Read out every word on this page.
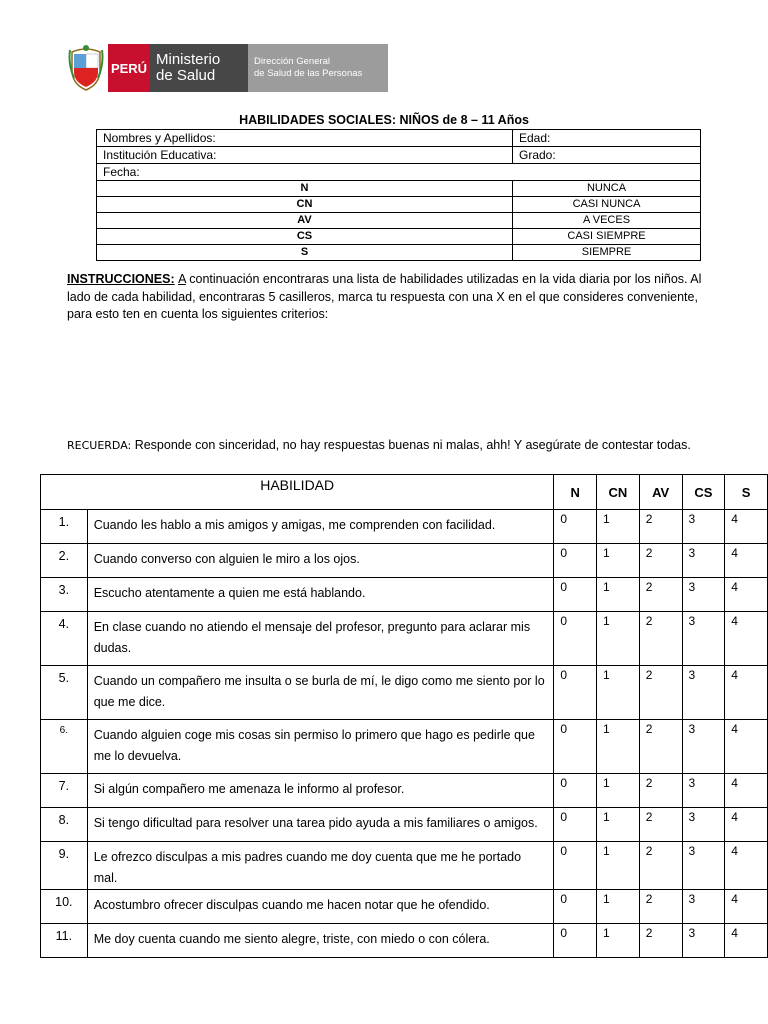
PERÚ Ministerio
de Salud
Dirección General
de Salud de las Personas
HABILIDADES SOCIALES: NIÑOS de 8 – 11 Años
Nombres y Apellidos:	Edad:
Institución Educativa:	Grado:
Fecha:	
N	NUNCA
CN	CASI NUNCA
AV	A VECES
CS	CASI SIEMPRE
S	SIEMPRE
INSTRUCCIONES: A continuación encontraras una lista de habilidades utilizadas en la vida diaria por los niños. Al lado de cada habilidad, encontraras 5 casilleros, marca tu respuesta con una X en el que consideres conveniente, para esto ten en cuenta los siguientes criterios:
RECUERDA: Responde con sinceridad, no hay respuestas buenas ni malas, ahh! Y asegúrate de contestar todas.
HABILIDAD		N	CN	AV	CS	S
1.	Cuando les hablo a mis amigos y amigas, me comprenden con facilidad.	0	1	2	3	4
2.	Cuando converso con alguien le miro a los ojos.	0	1	2	3	4
3.	Escucho atentamente a quien me está hablando.	0	1	2	3	4
4.	En clase cuando no atiendo el mensaje del profesor, pregunto para aclarar mis dudas.	0	1	2	3	4
5.	Cuando un compañero me insulta o se burla de mí, le digo como me siento por lo que me dice.	0	1	2	3	4
6.	Cuando alguien coge mis cosas sin permiso lo primero que hago es pedirle que me lo devuelva.	0	1	2	3	4
7.	Si algún compañero me amenaza le informo al profesor.	0	1	2	3	4
8.	Si tengo dificultad para resolver una tarea pido ayuda a mis familiares o amigos.	0	1	2	3	4
9.	Le ofrezco disculpas a mis padres cuando me doy cuenta que me he portado mal.	0	1	2	3	4
10.	Acostumbro ofrecer disculpas cuando me hacen notar que he ofendido.	0	1	2	3	4
11.	Me doy cuenta cuando me siento alegre, triste, con miedo o con cólera.	0	1	2	3	4
